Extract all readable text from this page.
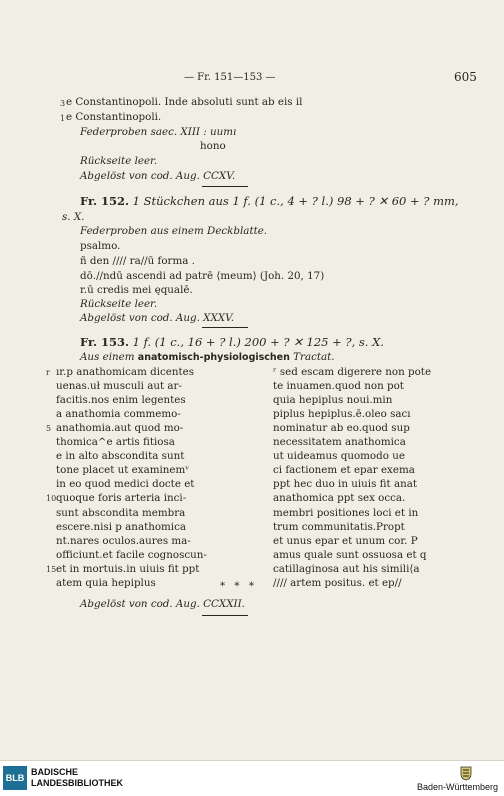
— Fr. 151—153 —	605
3 e Constantinopoli. Inde absoluti sunt ab eis il
1 e Constantinopoli.
Federproben saec. XIII : uumı
hono
Rückseite leer.
Abgelöst von cod. Aug. CCXV.
Fr. 152. 1 Stückchen aus 1 f. (1 c., 4 + ? l.) 98 + ? ✕ 60 + ? mm,
s. X.
Federproben aus einem Deckblatte.
psalmo.
ñ den //// ra//ū forma .
dō.//ndū ascendi ad patrē ⟨meum⟩ (Joh. 20, 17)
r.ū credis mei ęqualē.
Rückseite leer.
Abgelöst von cod. Aug. XXXV.
Fr. 153. 1 f. (1 c., 16 + ? l.) 200 + ? ✕ 125 + ?, s. X.
Aus einem anatomisch-physiologischen Tractat.
* * *
Abgelöst von cod. Aug. CCXXII.
r ır.p anathomicam dicentes	ʳ sed escam digerere non pote
uenas.uł musculi aut ar-	te inuamen.quod non pot
facitis.nos enim legentes	quia hepiplus noui.min
a anathomia commemo-	piplus hepiplus.ē.oleo sacı
5 anathomia.aut quod mo-	nominatur ab eo.quod sup
thomica^e artis fitiosa	necessitatem anathomica
e in alto abscondita sunt	ut uideamus quomodo ue
tone placet ut examinemᵛ	ci factionem et epar exema
in eo quod medici docte et	ppt hec duo in uiuis fit anat
10 quoque foris arteria inci-	anathomica ppt sex occa.
sunt abscondita membra	membri positiones loci et in
escere.nisi p anathomica	trum communitatis.Propt
nt.nares oculos.aures ma-	et unus epar et unum cor. P
officiunt.et facile cognoscun-	amus quale sunt ossuosa et q
15 et in mortuis.in uiuis fit ppt	catillaginosa aut his simili⟨a
atem quia hepiplus	//// artem positus. et ep//
BLB
BADISCHE
LANDESBIBLIOTHEK	Baden-Württemberg
